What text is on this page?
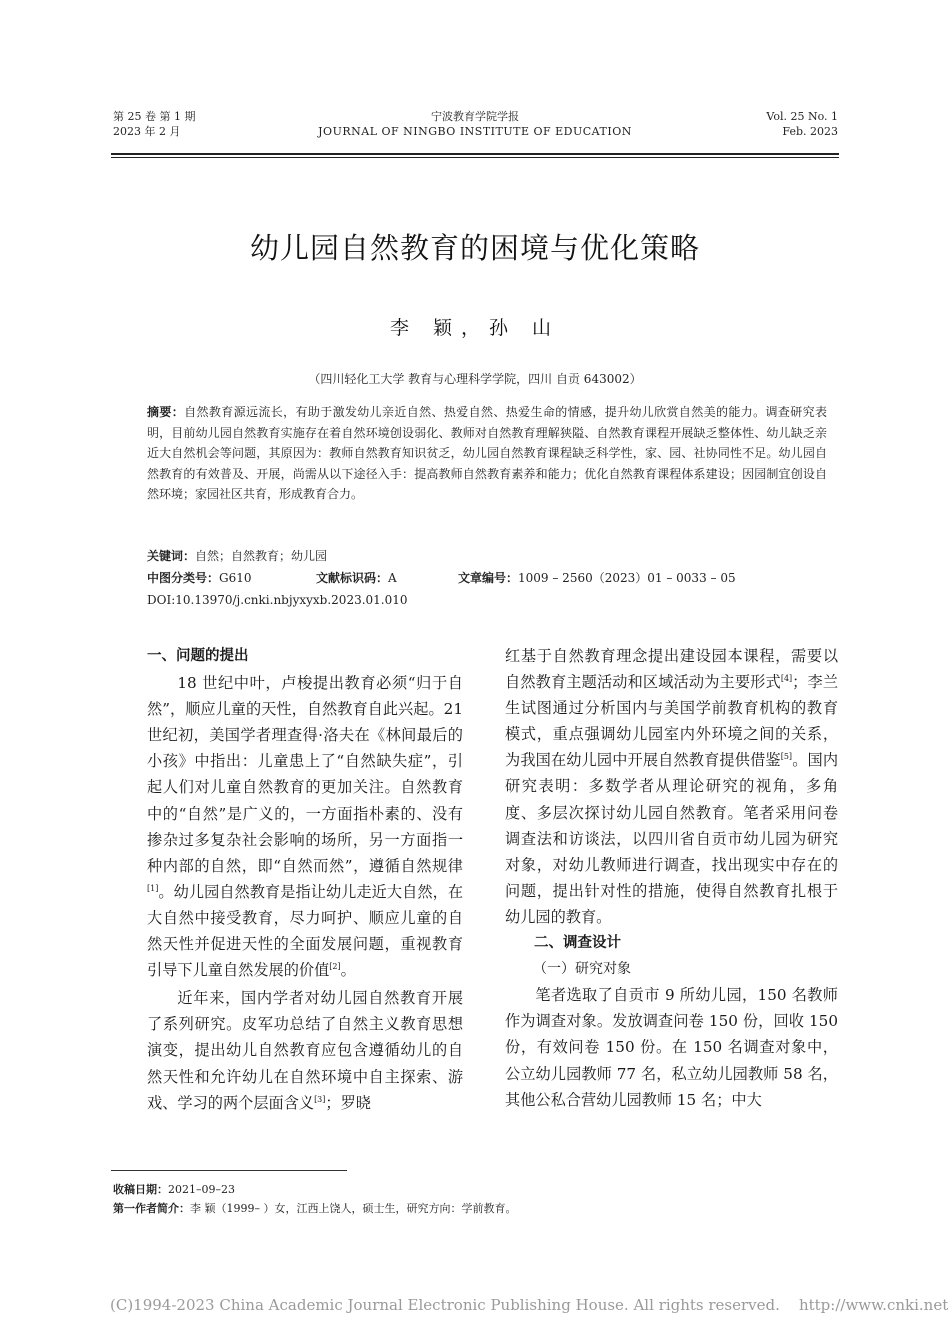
第 25 卷 第 1 期
2023 年 2 月
宁波教育学院学报
JOURNAL OF NINGBO INSTITUTE OF EDUCATION
Vol. 25 No. 1
Feb. 2023
幼儿园自然教育的困境与优化策略
李 颖，孙 山
（四川轻化工大学 教育与心理科学学院，四川 自贡 643002）
摘要：自然教育源远流长，有助于激发幼儿亲近自然、热爱自然、热爱生命的情感，提升幼儿欣赏自然美的能力。调查研究表明，目前幼儿园自然教育实施存在着自然环境创设弱化、教师对自然教育理解狭隘、自然教育课程开展缺乏整体性、幼儿缺乏亲近大自然机会等问题，其原因为：教师自然教育知识贫乏，幼儿园自然教育课程缺乏科学性，家、园、社协同性不足。幼儿园自然教育的有效普及、开展，尚需从以下途径入手：提高教师自然教育素养和能力；优化自然教育课程体系建设；因园制宜创设自然环境；家园社区共育，形成教育合力。
关键词：自然；自然教育；幼儿园
中图分类号：G610	文献标识码：A	文章编号：1009 – 2560（2023）01 – 0033 – 05
DOI:10.13970/j.cnki.nbjyxyxb.2023.01.010

一、问题的提出

18 世纪中叶，卢梭提出教育必须“归于自然”，顺应儿童的天性，自然教育自此兴起。21 世纪初，美国学者理查得·洛夫在《林间最后的小孩》中指出：儿童患上了“自然缺失症”，引起人们对儿童自然教育的更加关注。自然教育中的“自然”是广义的，一方面指朴素的、没有掺杂过多复杂社会影响的场所，另一方面指一种内部的自然，即“自然而然”，遵循自然规律[1]。幼儿园自然教育是指让幼儿走近大自然，在大自然中接受教育，尽力呵护、顺应儿童的自然天性并促进天性的全面发展问题，重视教育引导下儿童自然发展的价值[2]。

近年来，国内学者对幼儿园自然教育开展了系列研究。皮军功总结了自然主义教育思想演变，提出幼儿自然教育应包含遵循幼儿的自然天性和允许幼儿在自然环境中自主探索、游戏、学习的两个层面含义[3]；罗晓

红基于自然教育理念提出建设园本课程，需要以自然教育主题活动和区域活动为主要形式[4]；李兰生试图通过分析国内与美国学前教育机构的教育模式，重点强调幼儿园室内外环境之间的关系，为我国在幼儿园中开展自然教育提供借鉴[5]。国内研究表明：多数学者从理论研究的视角，多角度、多层次探讨幼儿园自然教育。笔者采用问卷调查法和访谈法，以四川省自贡市幼儿园为研究对象，对幼儿教师进行调查，找出现实中存在的问题，提出针对性的措施，使得自然教育扎根于幼儿园的教育。

二、调查设计

（一）研究对象

笔者选取了自贡市 9 所幼儿园，150 名教师作为调查对象。发放调查问卷 150 份，回收 150 份，有效问卷 150 份。在 150 名调查对象中，公立幼儿园教师 77 名，私立幼儿园教师 58 名，其他公私合营幼儿园教师 15 名；中大

收稿日期：2021–09–23
第一作者简介：李 颖（1999– ）女，江西上饶人，硕士生，研究方向：学前教育。
(C)1994-2023 China Academic Journal Electronic Publishing House. All rights reserved.    http://www.cnki.net
